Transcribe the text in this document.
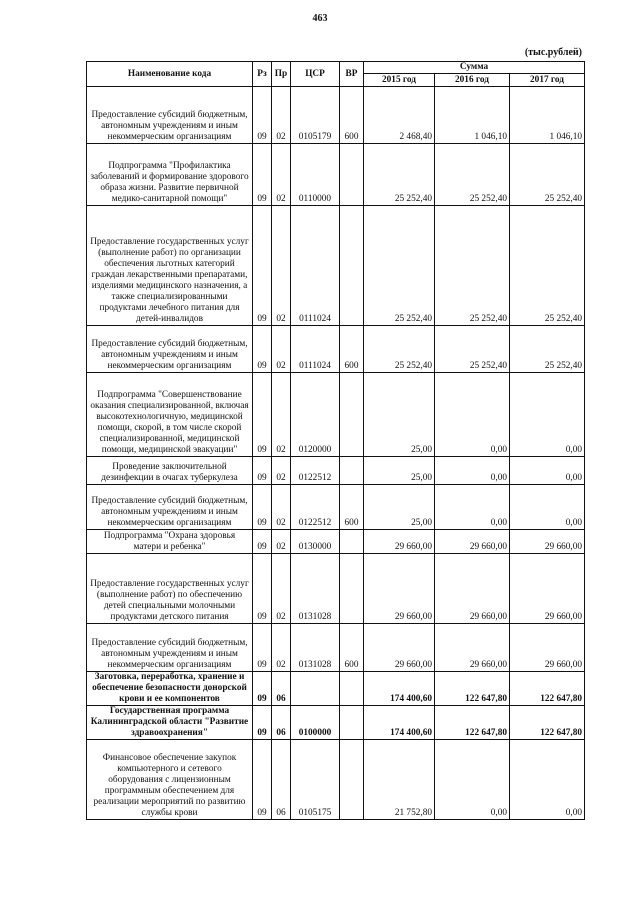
463
(тыс.рублей)
Наименование кода	Рз	Пр	ЦСР	ВР	Сумма		
					2015 год	2016 год	2017 год
Предоставление субсидий бюджетным, автономным учреждениям и иным некоммерческим организациям	09	02	0105179	600	2 468,40	1 046,10	1 046,10
Подпрограмма "Профилактика заболеваний и формирование здорового образа жизни. Развитие первичной медико-санитарной помощи"	09	02	0110000		25 252,40	25 252,40	25 252,40
Предоставление государственных услуг (выполнение работ) по организации обеспечения льготных категорий граждан лекарственными препаратами, изделиями медицинского назначения, а также специализированными продуктами лечебного питания для детей-инвалидов	09	02	0111024		25 252,40	25 252,40	25 252,40
Предоставление субсидий бюджетным, автономным учреждениям и иным некоммерческим организациям	09	02	0111024	600	25 252,40	25 252,40	25 252,40
Подпрограмма "Совершенствование оказания специализированной, включая высокотехнологичную, медицинской помощи, скорой, в том числе скорой специализированной, медицинской помощи, медицинской эвакуации"	09	02	0120000		25,00	0,00	0,00
Проведение заключительной дезинфекции в очагах туберкулеза	09	02	0122512		25,00	0,00	0,00
Предоставление субсидий бюджетным, автономным учреждениям и иным некоммерческим организациям	09	02	0122512	600	25,00	0,00	0,00
Подпрограмма "Охрана здоровья матери и ребенка"	09	02	0130000		29 660,00	29 660,00	29 660,00
Предоставление государственных услуг (выполнение работ) по обеспечению детей специальными молочными продуктами детского питания	09	02	0131028		29 660,00	29 660,00	29 660,00
Предоставление субсидий бюджетным, автономным учреждениям и иным некоммерческим организациям	09	02	0131028	600	29 660,00	29 660,00	29 660,00
Заготовка, переработка, хранение и обеспечение безопасности донорской крови и ее компонентов	09	06			174 400,60	122 647,80	122 647,80
Государственная программа Калининградской области "Развитие здравоохранения"	09	06	0100000		174 400,60	122 647,80	122 647,80
Финансовое обеспечение закупок компьютерного и сетевого оборудования с лицензионным программным обеспечением для реализации мероприятий по развитию службы крови	09	06	0105175		21 752,80	0,00	0,00
